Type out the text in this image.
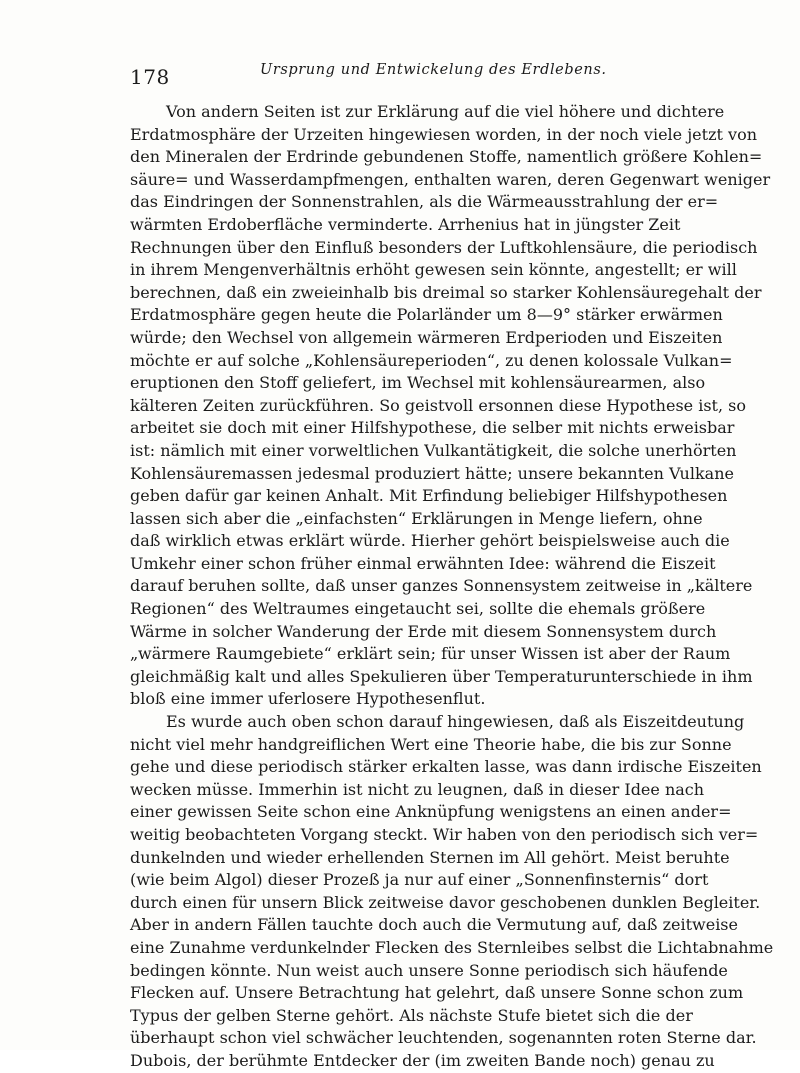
178	Ursprung und Entwickelung des Erdlebens.
Von andern Seiten ist zur Erklärung auf die viel höhere und dichtere
Erdatmosphäre der Urzeiten hingewiesen worden, in der noch viele jetzt von
den Mineralen der Erdrinde gebundenen Stoffe, namentlich größere Kohlen=
säure= und Wasserdampfmengen, enthalten waren, deren Gegenwart weniger
das Eindringen der Sonnenstrahlen, als die Wärmeausstrahlung der er=
wärmten Erdoberfläche verminderte. Arrhenius hat in jüngster Zeit
Rechnungen über den Einfluß besonders der Luftkohlensäure, die periodisch
in ihrem Mengenverhältnis erhöht gewesen sein könnte, angestellt; er will
berechnen, daß ein zweieinhalb bis dreimal so starker Kohlensäuregehalt der
Erdatmosphäre gegen heute die Polarländer um 8—9° stärker erwärmen
würde; den Wechsel von allgemein wärmeren Erdperioden und Eiszeiten
möchte er auf solche „Kohlensäureperioden“, zu denen kolossale Vulkan=
eruptionen den Stoff geliefert, im Wechsel mit kohlensäurearmen, also
kälteren Zeiten zurückführen. So geistvoll ersonnen diese Hypothese ist, so
arbeitet sie doch mit einer Hilfshypothese, die selber mit nichts erweisbar
ist: nämlich mit einer vorweltlichen Vulkantätigkeit, die solche unerhörten
Kohlensäuremassen jedesmal produziert hätte; unsere bekannten Vulkane
geben dafür gar keinen Anhalt. Mit Erfindung beliebiger Hilfshypothesen
lassen sich aber die „einfachsten“ Erklärungen in Menge liefern, ohne
daß wirklich etwas erklärt würde. Hierher gehört beispielsweise auch die
Umkehr einer schon früher einmal erwähnten Idee: während die Eiszeit
darauf beruhen sollte, daß unser ganzes Sonnensystem zeitweise in „kältere
Regionen“ des Weltraumes eingetaucht sei, sollte die ehemals größere
Wärme in solcher Wanderung der Erde mit diesem Sonnensystem durch
„wärmere Raumgebiete“ erklärt sein; für unser Wissen ist aber der Raum
gleichmäßig kalt und alles Spekulieren über Temperaturunterschiede in ihm
bloß eine immer uferlosere Hypothesenflut.
Es wurde auch oben schon darauf hingewiesen, daß als Eiszeitdeutung
nicht viel mehr handgreiflichen Wert eine Theorie habe, die bis zur Sonne
gehe und diese periodisch stärker erkalten lasse, was dann irdische Eiszeiten
wecken müsse. Immerhin ist nicht zu leugnen, daß in dieser Idee nach
einer gewissen Seite schon eine Anknüpfung wenigstens an einen ander=
weitig beobachteten Vorgang steckt. Wir haben von den periodisch sich ver=
dunkelnden und wieder erhellenden Sternen im All gehört. Meist beruhte
(wie beim Algol) dieser Prozeß ja nur auf einer „Sonnenfinsternis“ dort
durch einen für unsern Blick zeitweise davor geschobenen dunklen Begleiter.
Aber in andern Fällen tauchte doch auch die Vermutung auf, daß zeitweise
eine Zunahme verdunkelnder Flecken des Sternleibes selbst die Lichtabnahme
bedingen könnte. Nun weist auch unsere Sonne periodisch sich häufende
Flecken auf. Unsere Betrachtung hat gelehrt, daß unsere Sonne schon zum
Typus der gelben Sterne gehört. Als nächste Stufe bietet sich die der
überhaupt schon viel schwächer leuchtenden, sogenannten roten Sterne dar.
Dubois, der berühmte Entdecker der (im zweiten Bande noch) genau zu
